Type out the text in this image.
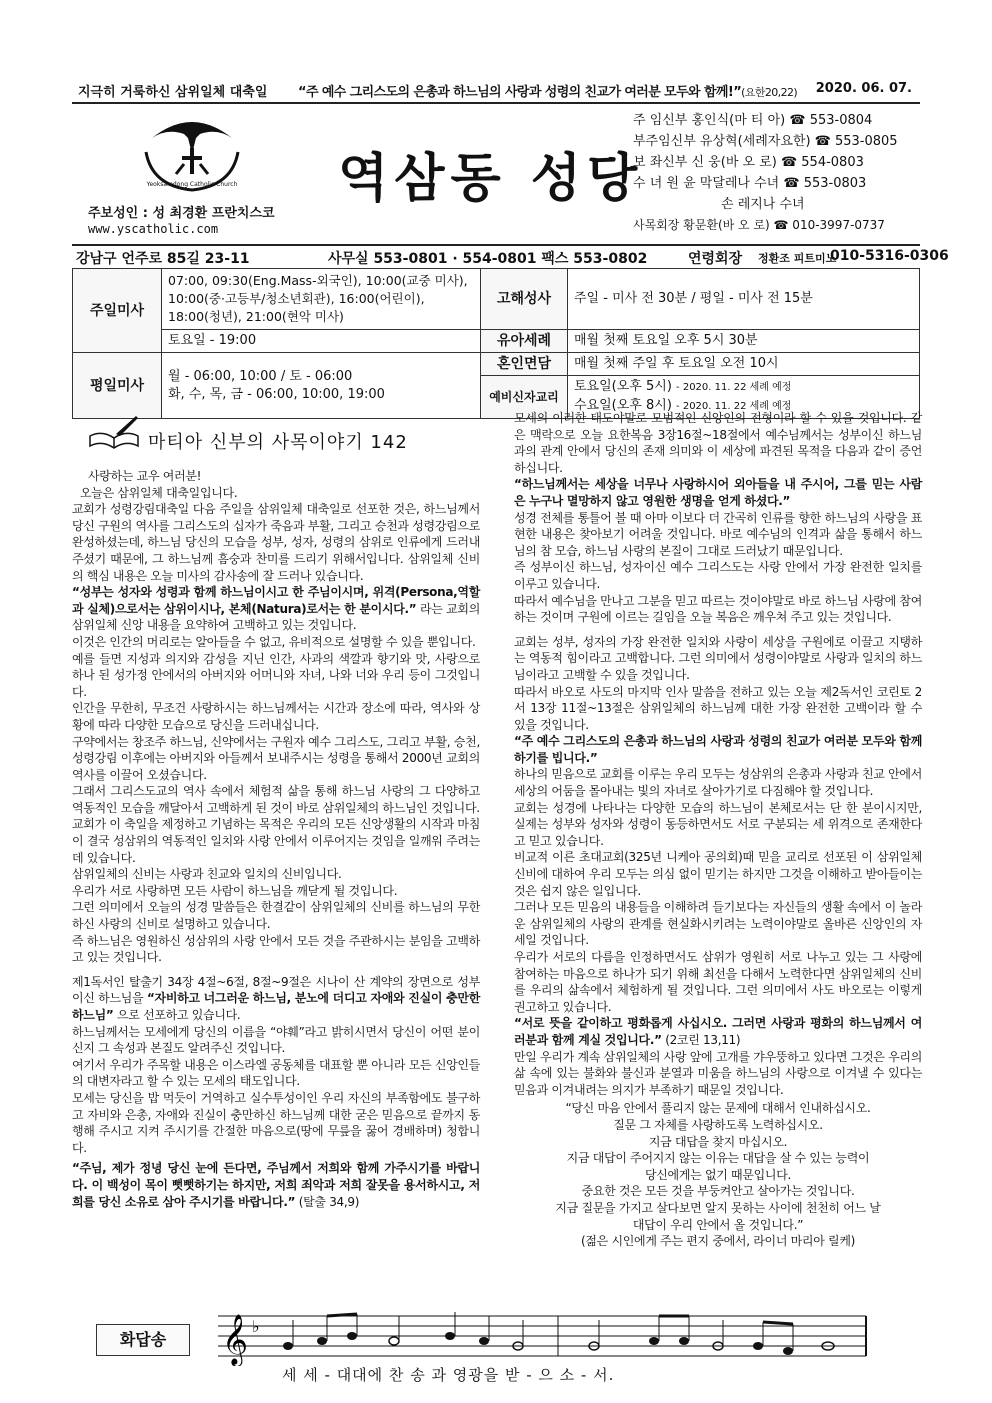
지극히 거룩하신 삼위일체 대축일 “주 예수 그리스도의 은총과 하느님의 사랑과 성령의 친교가 여러분 모두와 함께!”(요한20,22) 2020. 06. 07.
Yeoksamdong Catholic Church 역삼동 성당
주보성인 : 성 최경환 프란치스코
www.yscatholic.com
주 임신부 홍인식(마 티 아) ☎ 553-0804
부주임신부 유상혁(세례자요한) ☎ 553-0805
보 좌신부 신 웅(바 오 로) ☎ 554-0803
수 녀 원 윤 막달레나 수녀 ☎ 553-0803
손 레지나 수녀
사목회장 황문환(바 오 로) ☎ 010-3997-0737
강남구 언주로 85길 23-11	사무실 553-0801 · 554-0801 팩스 553-0802	연령회장 정환조 피트미노
010-5316-0306
주일미사	07:00, 09:30(Eng.Mass-외국인), 10:00(교중 미사), 10:00(중·고등부/청소년회관), 16:00(어린이), 18:00(청년), 21:00(현악 미사)	고해성사	주일 - 미사 전 30분 / 평일 - 미사 전 15분
	토요일 - 19:00	유아세례	매월 첫째 토요일 오후 5시 30분
평일미사	월 - 06:00, 10:00 / 토 - 06:00
화, 수, 목, 금 - 06:00, 10:00, 19:00	혼인면담	매월 첫째 주일 후 토요일 오전 10시
		예비신자교리	토요일(오후 5시) - 2020. 11. 22 세례 예정
수요일(오후 8시) - 2020. 11. 22 세례 예정
마티아 신부의 사목이야기 142

사랑하는 교우 여러분!

오늘은 삼위일체 대축일입니다.

교회가 성령강림대축일 다음 주일을 삼위일체 대축일로 선포한 것은, 하느님께서 당신 구원의 역사를 그리스도의 십자가 죽음과 부활, 그리고 승천과 성령강림으로 완성하셨는데, 하느님 당신의 모습을 성부, 성자, 성령의 삼위로 인류에게 드러내 주셨기 때문에, 그 하느님께 흠숭과 찬미를 드리기 위해서입니다. 삼위일체 신비의 핵심 내용은 오늘 미사의 감사송에 잘 드러나 있습니다.

“성부는 성자와 성령과 함께 하느님이시고 한 주님이시며, 위격(Persona,역할과 실체)으로서는 삼위이시나, 본체(Natura)로서는 한 분이시다.” 라는 교회의 삼위일체 신앙 내용을 요약하여 고백하고 있는 것입니다.

이것은 인간의 머리로는 알아들을 수 없고, 유비적으로 설명할 수 있을 뿐입니다.

예를 들면 지성과 의지와 감성을 지닌 인간, 사과의 색깔과 향기와 맛, 사랑으로 하나 된 성가정 안에서의 아버지와 어머니와 자녀, 나와 너와 우리 등이 그것입니다.

인간을 무한히, 무조건 사랑하시는 하느님께서는 시간과 장소에 따라, 역사와 상황에 따라 다양한 모습으로 당신을 드러내십니다.

구약에서는 창조주 하느님, 신약에서는 구원자 예수 그리스도, 그리고 부활, 승천, 성령강림 이후에는 아버지와 아들께서 보내주시는 성령을 통해서 2000년 교회의 역사를 이끌어 오셨습니다.

그래서 그리스도교의 역사 속에서 체험적 삶을 통해 하느님 사랑의 그 다양하고 역동적인 모습을 깨달아서 고백하게 된 것이 바로 삼위일체의 하느님인 것입니다.

교회가 이 축일을 제정하고 기념하는 목적은 우리의 모든 신앙생활의 시작과 마침이 결국 성삼위의 역동적인 일치와 사랑 안에서 이루어지는 것임을 일깨워 주려는데 있습니다.

삼위일체의 신비는 사랑과 친교와 일치의 신비입니다.

우리가 서로 사랑하면 모든 사람이 하느님을 깨닫게 될 것입니다.

그런 의미에서 오늘의 성경 말씀들은 한결같이 삼위일체의 신비를 하느님의 무한하신 사랑의 신비로 설명하고 있습니다.

즉 하느님은 영원하신 성삼위의 사랑 안에서 모든 것을 주관하시는 분임을 고백하고 있는 것입니다.

제1독서인 탈출기 34장 4절~6절, 8절~9절은 시나이 산 계약의 장면으로 성부이신 하느님을 “자비하고 너그러운 하느님, 분노에 더디고 자애와 진실이 충만한 하느님” 으로 선포하고 있습니다.

하느님께서는 모세에게 당신의 이름을 “야훼”라고 밝히시면서 당신이 어떤 분이신지 그 속성과 본질도 알려주신 것입니다.

여기서 우리가 주목할 내용은 이스라엘 공동체를 대표할 뿐 아니라 모든 신앙인들의 대변자라고 할 수 있는 모세의 태도입니다.

모세는 당신을 밥 먹듯이 거역하고 실수투성이인 우리 자신의 부족함에도 불구하고 자비와 은총, 자애와 진실이 충만하신 하느님께 대한 굳은 믿음으로 끝까지 동행해 주시고 지켜 주시기를 간절한 마음으로(땅에 무릎을 꿇어 경배하며) 청합니다.

“주님, 제가 정녕 당신 눈에 든다면, 주님께서 저희와 함께 가주시기를 바랍니다. 이 백성이 목이 뻣뻣하기는 하지만, 저희 죄악과 저희 잘못을 용서하시고, 저희를 당신 소유로 삼아 주시기를 바랍니다.” (탈출 34,9)

모세의 이러한 태도야말로 모범적인 신앙인의 전형이라 할 수 있을 것입니다. 같은 맥락으로 오늘 요한복음 3장16절~18절에서 예수님께서는 성부이신 하느님과의 관계 안에서 당신의 존재 의미와 이 세상에 파견된 목적을 다음과 같이 증언하십니다.

“하느님께서는 세상을 너무나 사랑하시어 외아들을 내 주시어, 그를 믿는 사람은 누구나 멸망하지 않고 영원한 생명을 얻게 하셨다.”

성경 전체를 통틀어 볼 때 아마 이보다 더 간곡히 인류를 향한 하느님의 사랑을 표현한 내용은 찾아보기 어려울 것입니다. 바로 예수님의 인격과 삶을 통해서 하느님의 참 모습, 하느님 사랑의 본질이 그대로 드러났기 때문입니다.

즉 성부이신 하느님, 성자이신 예수 그리스도는 사랑 안에서 가장 완전한 일치를 이루고 있습니다.

따라서 예수님을 만나고 그분을 믿고 따르는 것이야말로 바로 하느님 사랑에 참여하는 것이며 구원에 이르는 길임을 오늘 복음은 깨우쳐 주고 있는 것입니다.

교회는 성부, 성자의 가장 완전한 일치와 사랑이 세상을 구원에로 이끌고 지탱하는 역동적 힘이라고 고백합니다. 그런 의미에서 성령이야말로 사랑과 일치의 하느님이라고 고백할 수 있을 것입니다.

따라서 바오로 사도의 마지막 인사 말씀을 전하고 있는 오늘 제2독서인 코린토 2서 13장 11절~13절은 삼위일체의 하느님께 대한 가장 완전한 고백이라 할 수 있을 것입니다.

“주 예수 그리스도의 은총과 하느님의 사랑과 성령의 친교가 여러분 모두와 함께하기를 빕니다.”

하나의 믿음으로 교회를 이루는 우리 모두는 성삼위의 은총과 사랑과 친교 안에서 세상의 어둠을 몰아내는 빛의 자녀로 살아가기로 다짐해야 할 것입니다.

교회는 성경에 나타나는 다양한 모습의 하느님이 본체로서는 단 한 분이시지만, 실제는 성부와 성자와 성령이 동등하면서도 서로 구분되는 세 위격으로 존재한다고 믿고 있습니다.

비교적 이른 초대교회(325년 니케아 공의회)때 믿을 교리로 선포된 이 삼위일체 신비에 대하여 우리 모두는 의심 없이 믿기는 하지만 그것을 이해하고 받아들이는 것은 쉽지 않은 일입니다.

그러나 모든 믿음의 내용들을 이해하려 들기보다는 자신들의 생활 속에서 이 놀라운 삼위일체의 사랑의 관계를 현실화시키려는 노력이야말로 올바른 신앙인의 자세일 것입니다.

우리가 서로의 다름을 인정하면서도 삼위가 영원히 서로 나누고 있는 그 사랑에 참여하는 마음으로 하나가 되기 위해 최선을 다해서 노력한다면 삼위일체의 신비를 우리의 삶속에서 체험하게 될 것입니다. 그런 의미에서 사도 바오로는 이렇게 권고하고 있습니다.

“서로 뜻을 같이하고 평화롭게 사십시오. 그러면 사랑과 평화의 하느님께서 여러분과 함께 계실 것입니다.” (2코린 13,11)

만일 우리가 계속 삼위일체의 사랑 앞에 고개를 갸우뚱하고 있다면 그것은 우리의 삶 속에 있는 불화와 불신과 분열과 미움을 하느님의 사랑으로 이겨낼 수 있다는 믿음과 이겨내려는 의지가 부족하기 때문일 것입니다.

“당신 마음 안에서 풀리지 않는 문제에 대해서 인내하십시오.

질문 그 자체를 사랑하도록 노력하십시오.

지금 대답을 찾지 마십시오.

지금 대답이 주어지지 않는 이유는 대답을 살 수 있는 능력이

당신에게는 없기 때문입니다.

중요한 것은 모든 것을 부둥켜안고 살아가는 것입니다.

지금 질문을 가지고 살다보면 알지 못하는 사이에 천천히 어느 날

대답이 우리 안에서 올 것입니다.”

(젊은 시인에게 주는 편지 중에서, 라이너 마리아 릴케)

화답송	𝄞 ♭
세 세 - 대대에 찬 송 과 영광을 받 - 으 소 - 서.
